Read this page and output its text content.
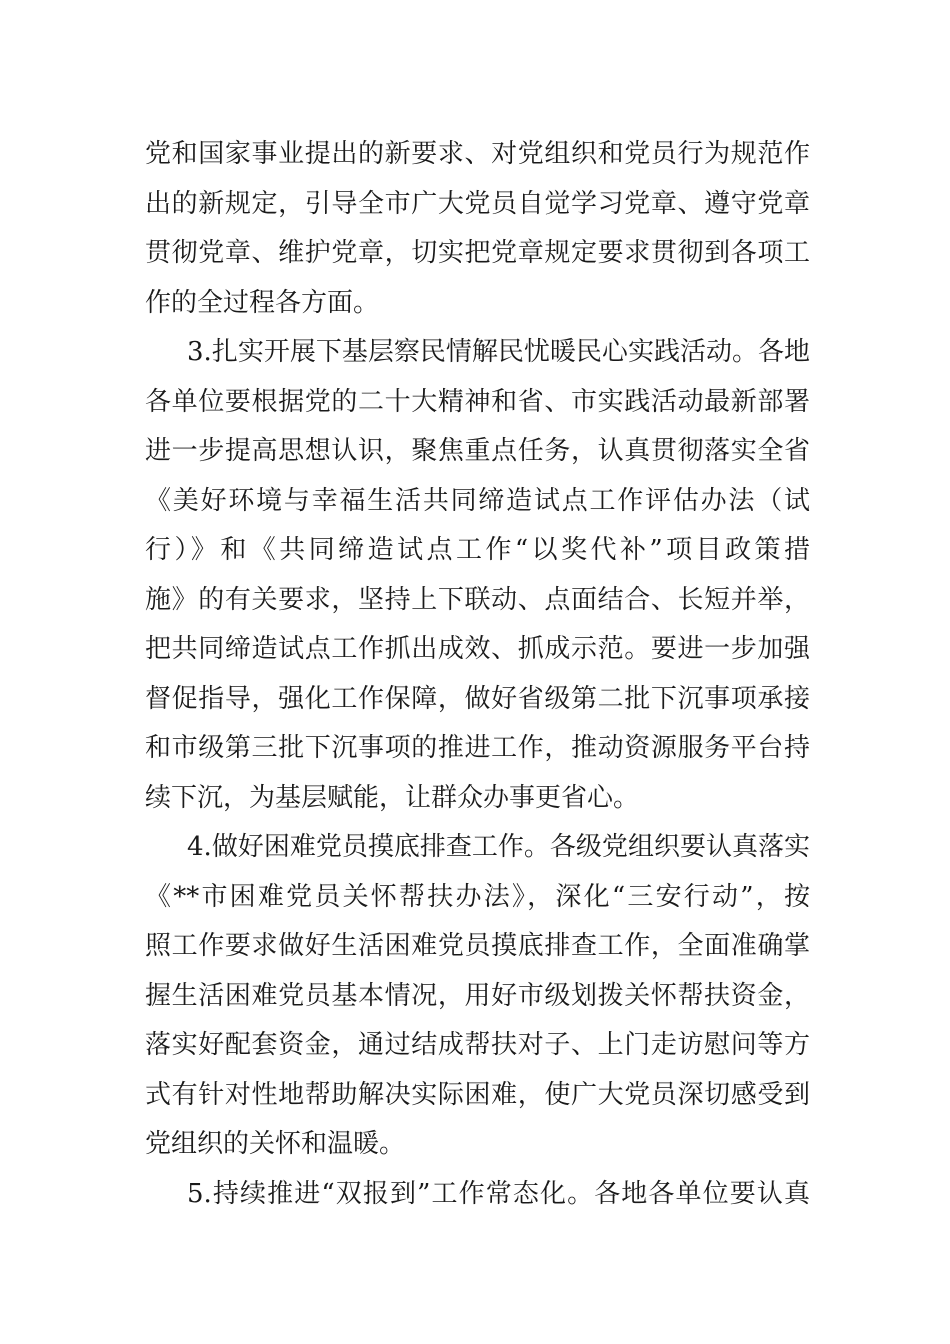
党和国家事业提出的新要求、对党组织和党员行为规范作
出的新规定，引导全市广大党员自觉学习党章、遵守党章
贯彻党章、维护党章，切实把党章规定要求贯彻到各项工
作的全过程各方面。
3.扎实开展下基层察民情解民忧暖民心实践活动。各地
各单位要根据党的二十大精神和省、市实践活动最新部署
进一步提高思想认识，聚焦重点任务，认真贯彻落实全省
《美好环境与幸福生活共同缔造试点工作评估办法（试
行）》和《共同缔造试点工作“以奖代补”项目政策措
施》的有关要求，坚持上下联动、点面结合、长短并举，
把共同缔造试点工作抓出成效、抓成示范。要进一步加强
督促指导，强化工作保障，做好省级第二批下沉事项承接
和市级第三批下沉事项的推进工作，推动资源服务平台持
续下沉，为基层赋能，让群众办事更省心。
4.做好困难党员摸底排查工作。各级党组织要认真落实
《**市困难党员关怀帮扶办法》，深化“三安行动”，按
照工作要求做好生活困难党员摸底排查工作，全面准确掌
握生活困难党员基本情况，用好市级划拨关怀帮扶资金，
落实好配套资金，通过结成帮扶对子、上门走访慰问等方
式有针对性地帮助解决实际困难，使广大党员深切感受到
党组织的关怀和温暖。
5.持续推进“双报到”工作常态化。各地各单位要认真
